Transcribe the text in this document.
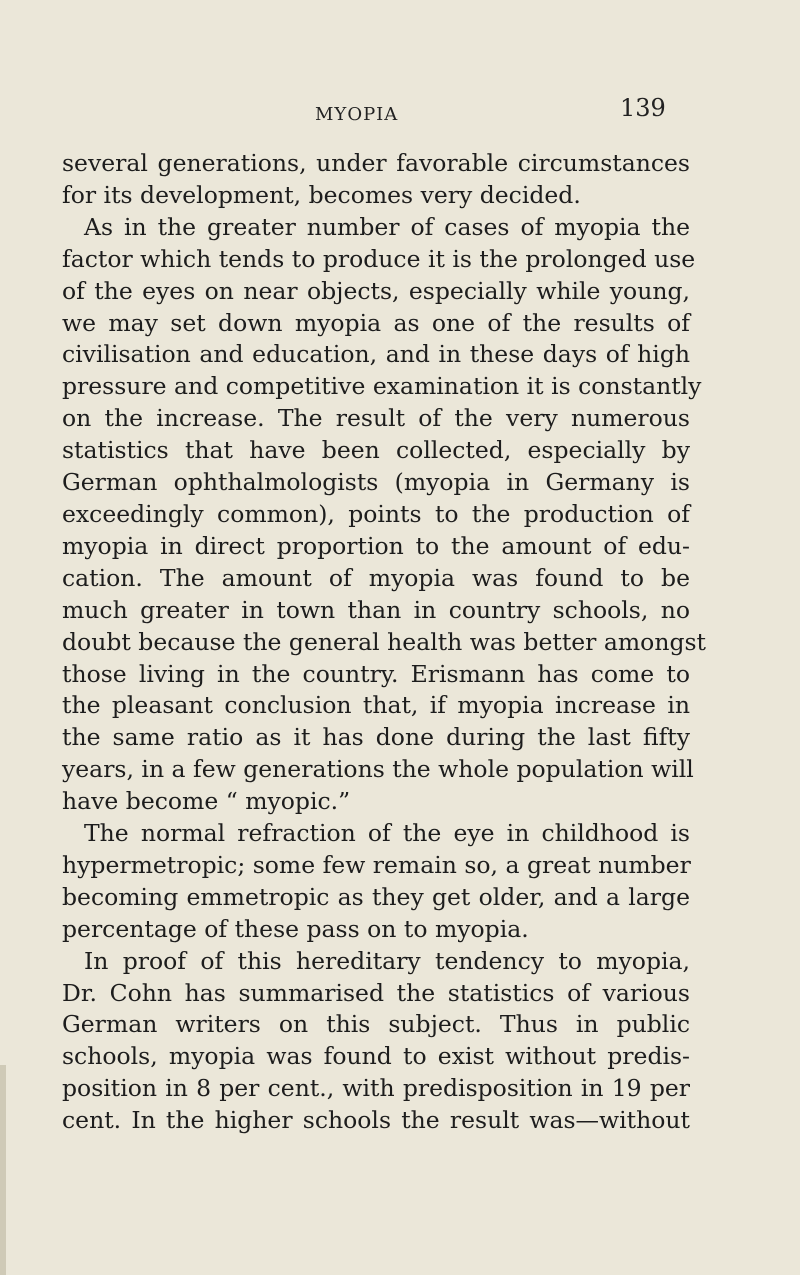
MYOPIA	139
several generations, under favorable circumstances
for its development, becomes very decided.
As in the greater number of cases of myopia the
factor which tends to produce it is the prolonged use
of the eyes on near objects, especially while young,
we may set down myopia as one of the results of
civilisation and education, and in these days of high
pressure and competitive examination it is constantly
on the increase. The result of the very numerous
statistics that have been collected, especially by
German ophthalmologists (myopia in Germany is
exceedingly common), points to the production of
myopia in direct proportion to the amount of edu-
cation. The amount of myopia was found to be
much greater in town than in country schools, no
doubt because the general health was better amongst
those living in the country. Erismann has come to
the pleasant conclusion that, if myopia increase in
the same ratio as it has done during the last fifty
years, in a few generations the whole population will
have become “ myopic.”
The normal refraction of the eye in childhood is
hypermetropic; some few remain so, a great number
becoming emmetropic as they get older, and a large
percentage of these pass on to myopia.
In proof of this hereditary tendency to myopia,
Dr. Cohn has summarised the statistics of various
German writers on this subject. Thus in public
schools, myopia was found to exist without predis-
position in 8 per cent., with predisposition in 19 per
cent. In the higher schools the result was—without
